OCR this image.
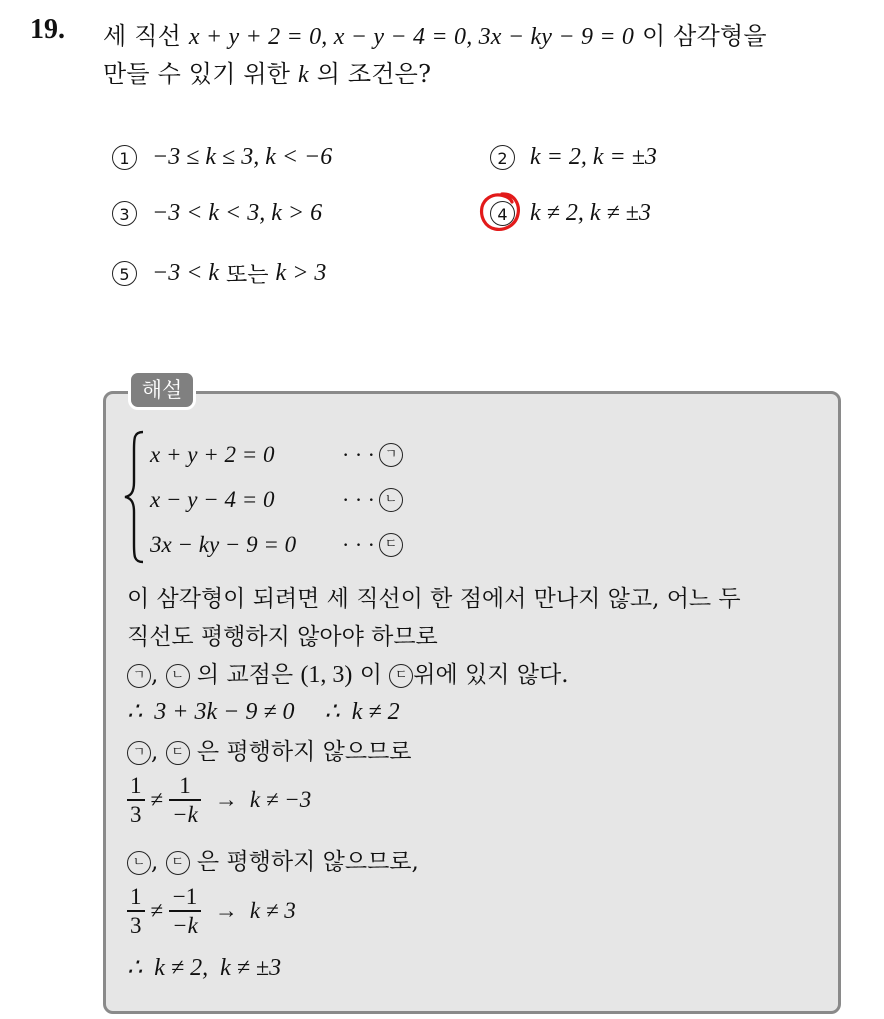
19. 세 직선 x + y + 2 = 0, x − y − 4 = 0, 3x − ky − 9 = 0 이 삼각형을
만들 수 있기 위한 k 의 조건은?
1 −3 ≤ k ≤ 3, k < −6	2 k = 2, k = ±3
3 −3 < k < 3, k > 6	4 k ≠ 2, k ≠ ±3
5 −3 < k 또는 k > 3
해설
x + y + 2 = 0	· · · ㄱ
x − y − 4 = 0	· · · ㄴ
3x − ky − 9 = 0 · · · ㄷ
이 삼각형이 되려면 세 직선이 한 점에서 만나지 않고, 어느 두
직선도 평행하지 않아야 하므로
ㄱ , ㄴ 의 교점은 (1, 3) 이 ㄷ 위에 있지 않다.
∴  3 + 3k − 9 ≠ 0     ∴  k ≠ 2
ㄱ , ㄷ 은 평행하지 않으므로
$\frac{1}{3} \ne \frac{1}{-k} \to k \ne -3$
ㄴ , ㄷ 은 평행하지 않으므로,
$\frac{1}{3} \ne \frac{-1}{-k} \to k \ne 3$
∴  k ≠ 2,  k ≠ ±3
